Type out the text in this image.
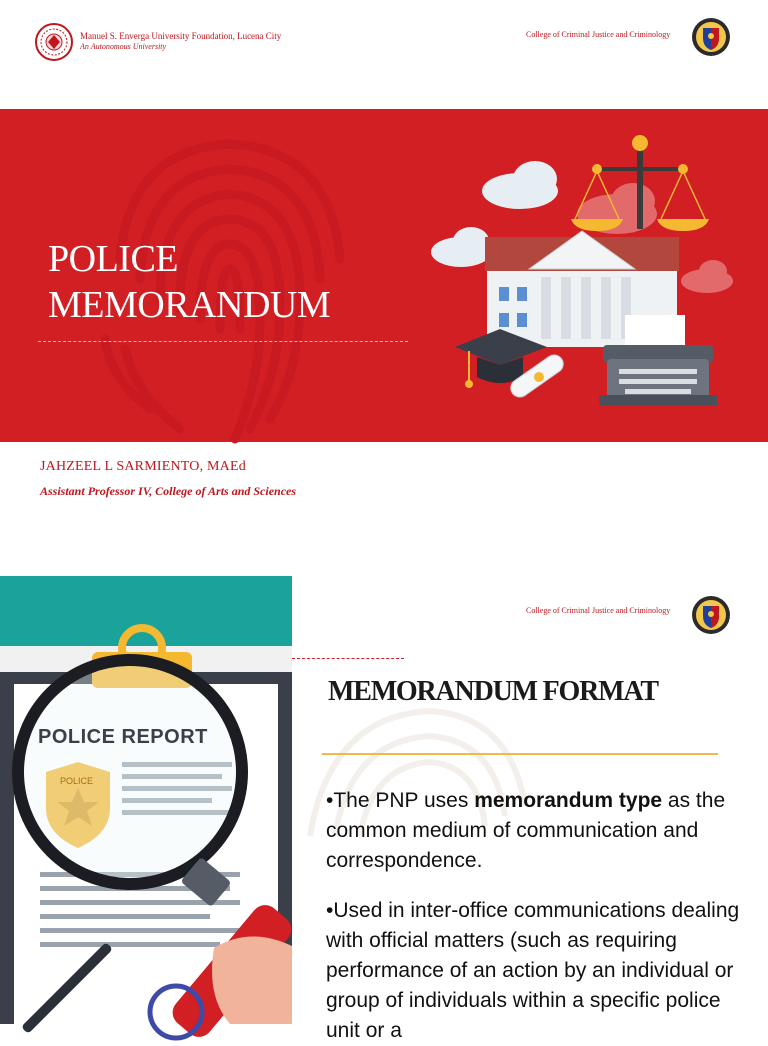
Manuel S. Enverga University Foundation, Lucena City
An Autonomous University
College of Criminal Justice and Criminology
POLICE
MEMORANDUM
JAHZEEL L SARMIENTO, MAEd
Assistant Professor IV, College of Arts and Sciences
POLICE REPORT
POLICE
College of Criminal Justice and Criminology
MEMORANDUM FORMAT
•The PNP uses memorandum type as the common medium of communication and correspondence.
•Used in inter-office communications dealing with official matters (such as requiring performance of an action by an individual or group of individuals within a specific police unit or a
